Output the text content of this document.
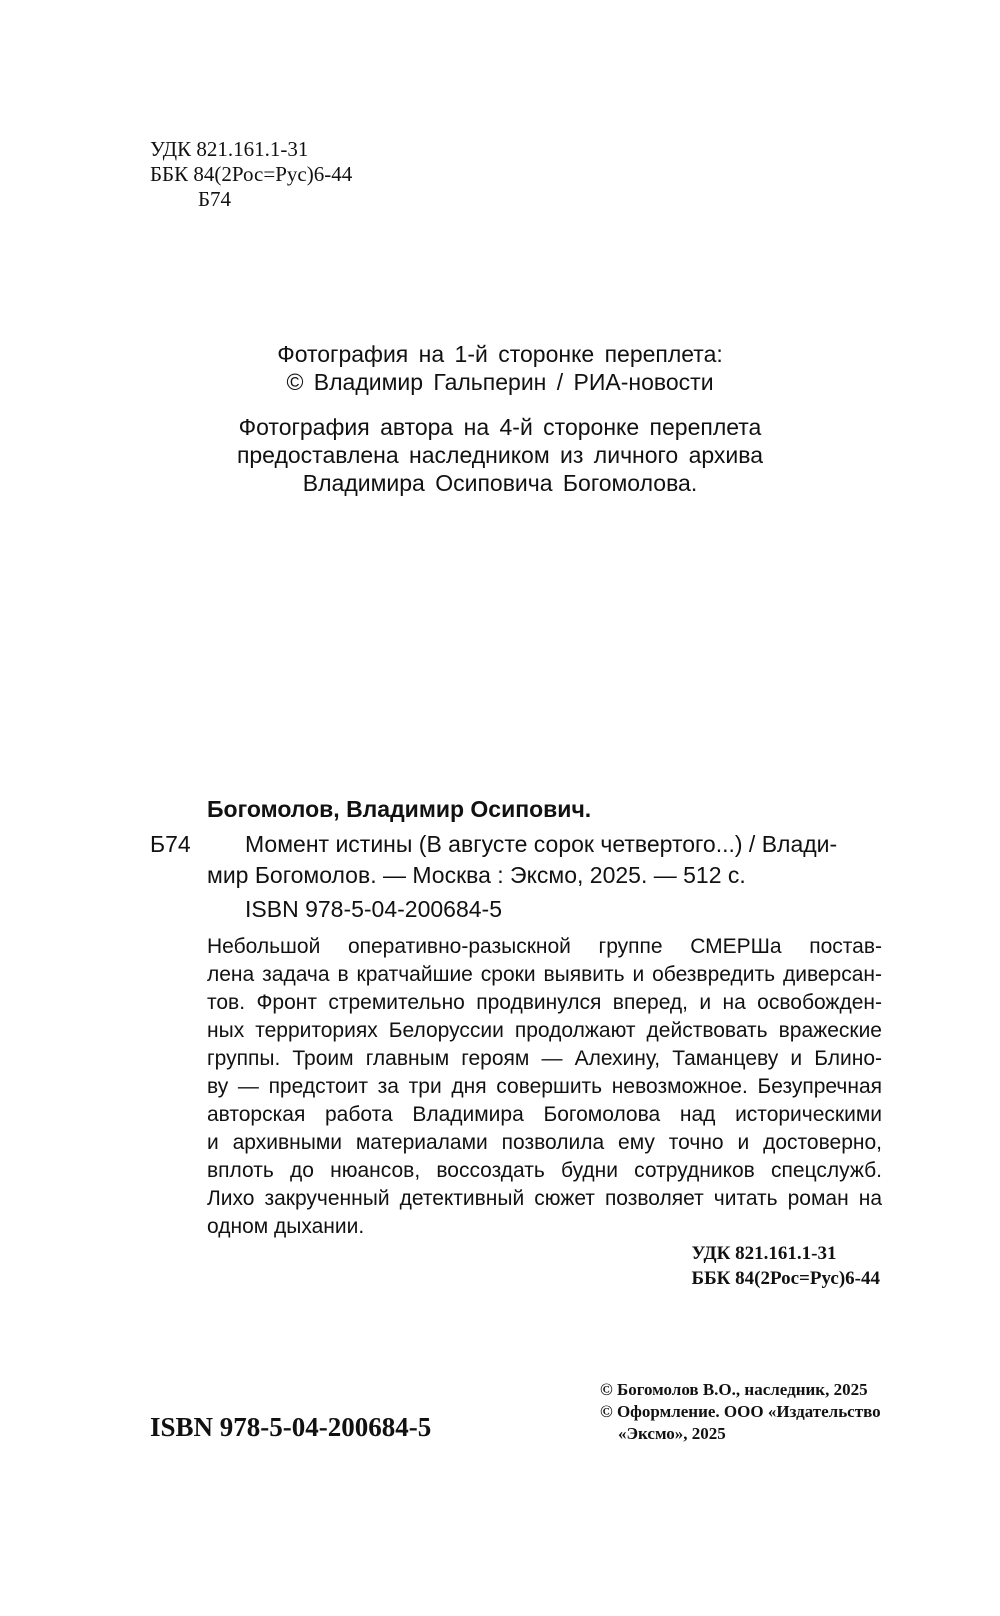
УДК 821.161.1-31
ББК 84(2Рос=Рус)6-44
Б74
Фотография на 1-й сторонке переплета:
© Владимир Гальперин / РИА-новости
Фотография автора на 4-й сторонке переплета
предоставлена наследником из личного архива
Владимира Осиповича Богомолова.
Богомолов, Владимир Осипович.
Б74 Момент истины (В августе сорок четвертого...) / Влади-
мир Богомолов. — Москва : Эксмо, 2025. — 512 с.
ISBN 978-5-04-200684-5
Небольшой оперативно-разыскной группе СМЕРШа постав-
лена задача в кратчайшие сроки выявить и обезвредить диверсан-
тов. Фронт стремительно продвинулся вперед, и на освобожден-
ных территориях Белоруссии продолжают действовать вражеские
группы. Троим главным героям — Алехину, Таманцеву и Блино-
ву — предстоит за три дня совершить невозможное. Безупречная
авторская работа Владимира Богомолова над историческими
и архивными материалами позволила ему точно и достоверно,
вплоть до нюансов, воссоздать будни сотрудников спецслужб.
Лихо закрученный детективный сюжет позволяет читать роман на
одном дыхании.
УДК 821.161.1-31
ББК 84(2Рос=Рус)6-44
ISBN 978-5-04-200684-5
© Богомолов В.О., наследник, 2025
© Оформление. ООО «Издательство
«Эксмо», 2025
